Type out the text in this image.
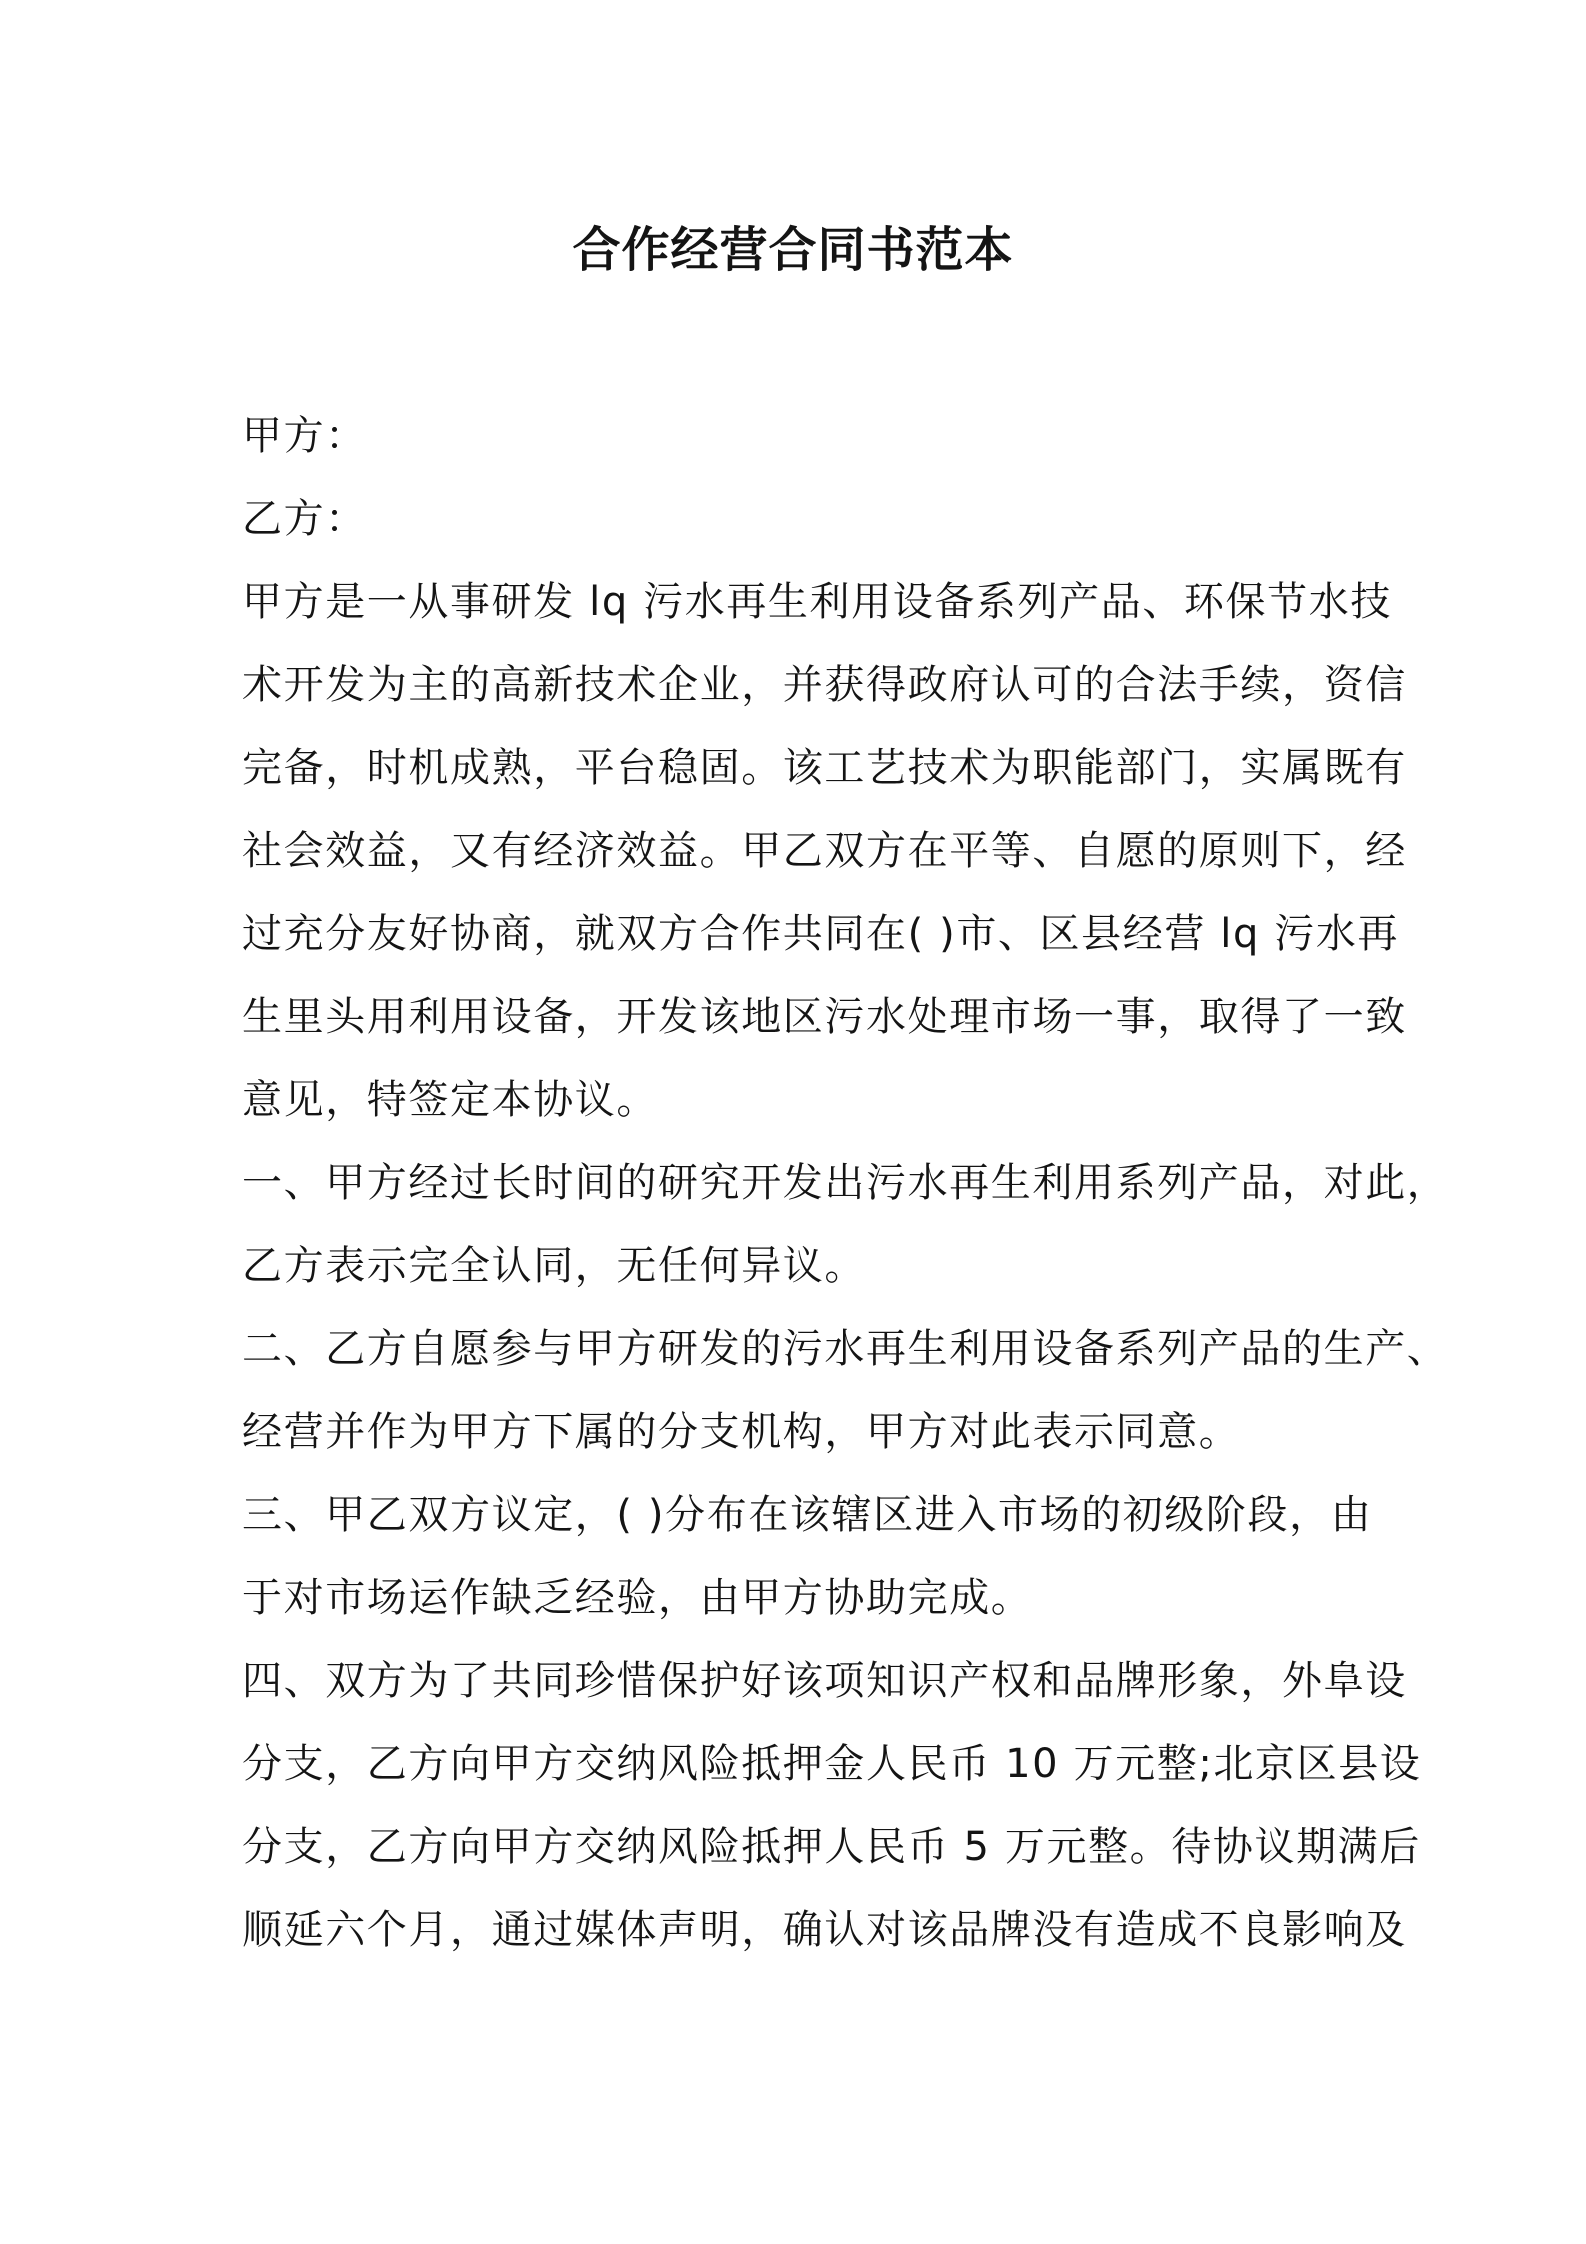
合作经营合同书范本
甲方：
乙方：
甲方是一从事研发 lq 污水再生利用设备系列产品、环保节水技
术开发为主的高新技术企业，并获得政府认可的合法手续，资信
完备，时机成熟，平台稳固。该工艺技术为职能部门，实属既有
社会效益，又有经济效益。甲乙双方在平等、自愿的原则下，经
过充分友好协商，就双方合作共同在( )市、区县经营 lq 污水再
生里头用利用设备，开发该地区污水处理市场一事，取得了一致
意见，特签定本协议。
一、甲方经过长时间的研究开发出污水再生利用系列产品，对此，
乙方表示完全认同，无任何异议。
二、乙方自愿参与甲方研发的污水再生利用设备系列产品的生产、
经营并作为甲方下属的分支机构，甲方对此表示同意。
三、甲乙双方议定，( )分布在该辖区进入市场的初级阶段，由
于对市场运作缺乏经验，由甲方协助完成。
四、双方为了共同珍惜保护好该项知识产权和品牌形象，外阜设
分支，乙方向甲方交纳风险抵押金人民币 10 万元整;北京区县设
分支，乙方向甲方交纳风险抵押人民币 5 万元整。待协议期满后
顺延六个月，通过媒体声明，确认对该品牌没有造成不良影响及
